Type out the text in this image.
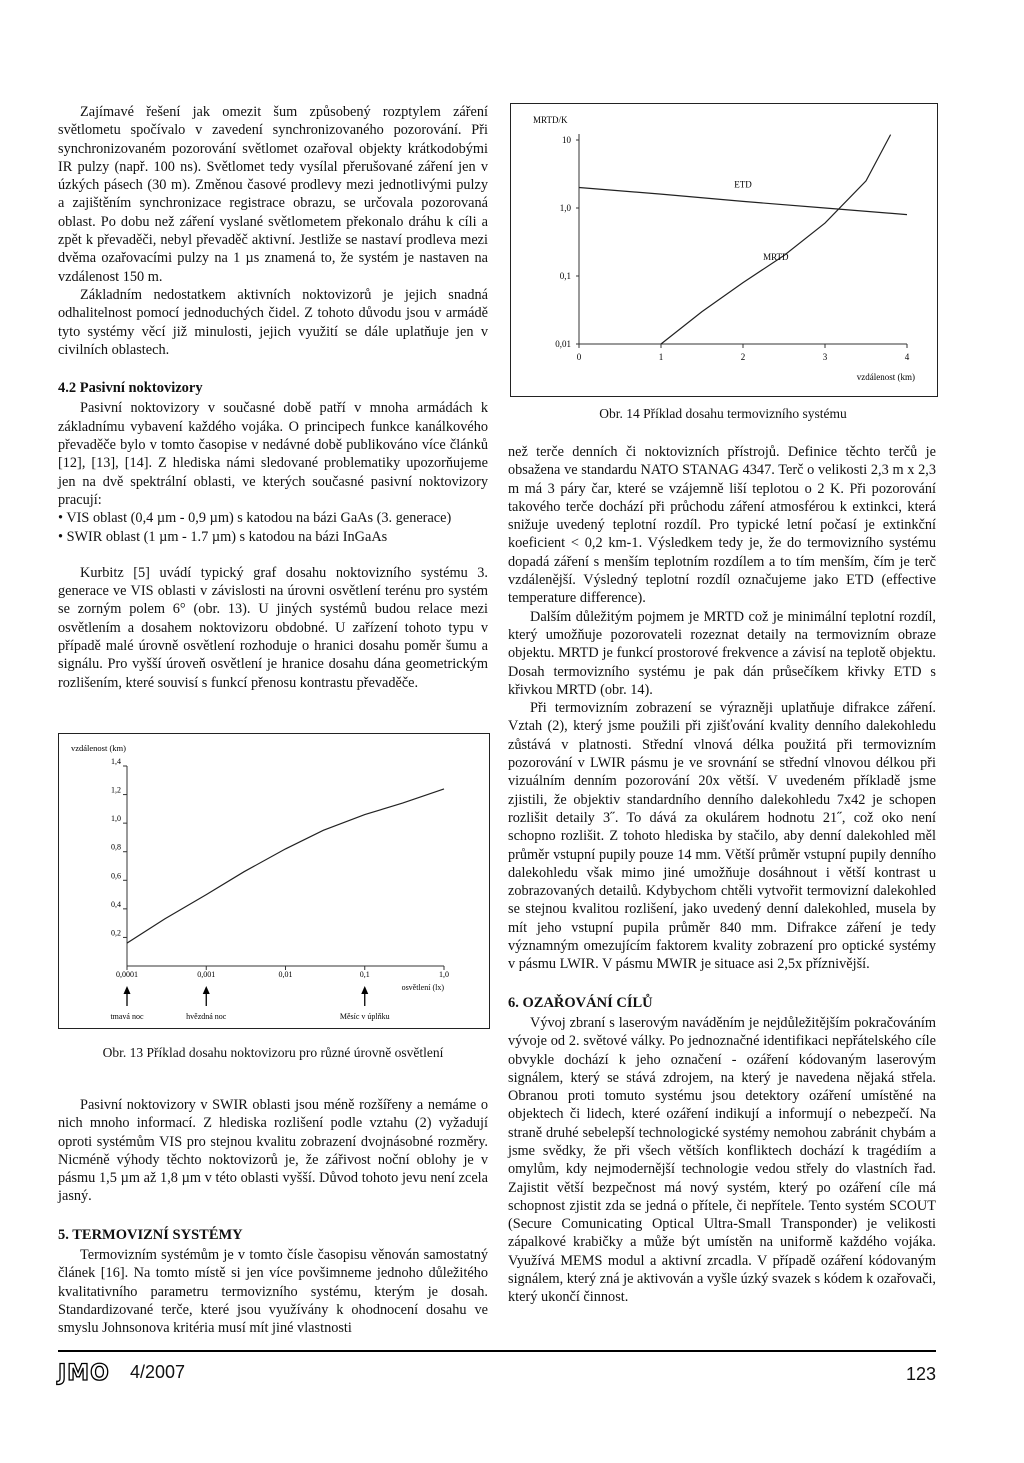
Zajímavé řešení jak omezit šum způsobený rozptylem záření světlometu spočívalo v zavedení synchronizovaného pozorování. Při synchronizovaném pozorování světlomet ozařoval objekty krátkodobými IR pulzy (např. 100 ns). Světlomet tedy vysílal přerušované záření jen v úzkých pásech (30 m). Změnou časové prodlevy mezi jednotlivými pulzy a zajištěním synchronizace registrace obrazu, se určovala pozorovaná oblast. Po dobu než záření vyslané světlometem překonalo dráhu k cíli a zpět k převaděči, nebyl převaděč aktivní. Jestliže se nastaví prodleva mezi dvěma ozařovacími pulzy na 1 µs znamená to, že systém je nastaven na vzdálenost 150 m.

Základním nedostatkem aktivních noktovizorů je jejich snadná odhalitelnost pomocí jednoduchých čidel. Z tohoto důvodu jsou v armádě tyto systémy věcí již minulosti, jejich využití se dále uplatňuje jen v civilních oblastech.

4.2 Pasivní noktovizory

Pasivní noktovizory v současné době patří v mnoha armádách k základnímu vybavení každého vojáka. O principech funkce kanálkového převaděče bylo v tomto časopise v nedávné době publikováno více článků [12], [13], [14]. Z hlediska námi sledované problematiky upozorňujeme jen na dvě spektrální oblasti, ve kterých současné pasivní noktovizory pracují:

• VIS oblast (0,4 µm - 0,9 µm) s katodou na bázi GaAs (3. generace)
• SWIR oblast (1 µm - 1.7 µm) s katodou na bázi InGaAs

Kurbitz [5] uvádí typický graf dosahu noktovizního systému 3. generace ve VIS oblasti v závislosti na úrovni osvětlení terénu pro systém se zorným polem 6° (obr. 13). U jiných systémů budou relace mezi osvětlením a dosahem noktovizoru obdobné. U zařízení tohoto typu v případě malé úrovně osvětlení rozhoduje o hranici dosahu poměr šumu a signálu. Pro vyšší úroveň osvětlení je hranice dosahu dána geometrickým rozlišením, které souvisí s funkcí přenosu kontrastu převaděče.

vzdálenost (km)
0,2
0,4
0,6
0,8
1,0
1,2
1,4
0,0001	0,001	0,01	0,1	1,0
osvětlení (lx)
tmavá noc	hvězdná noc	Měsíc v úplňku
Obr. 13 Příklad dosahu noktovizoru pro různé úrovně osvětlení

Pasivní noktovizory v SWIR oblasti jsou méně rozšířeny a nemáme o nich mnoho informací. Z hlediska rozlišení podle vztahu (2) vyžadují oproti systémům VIS pro stejnou kvalitu zobrazení dvojnásobné rozměry. Nicméně výhody těchto noktovizorů je, že zářivost noční oblohy je v pásmu 1,5 µm až 1,8 µm v této oblasti vyšší. Důvod tohoto jevu není zcela jasný.

5. TERMOVIZNÍ SYSTÉMY

Termovizním systémům je v tomto čísle časopisu věnován samostatný článek [16]. Na tomto místě si jen více povšimneme jednoho důležitého kvalitativního parametru termovizního systému, kterým je dosah. Standardizované terče, které jsou využívány k ohodnocení dosahu ve smyslu Johnsonova kritéria musí mít jiné vlastnosti

MRTD/K
0,01
0,1
1,0
10
0	1	2	3	4
vzdálenost (km)
ETD
MRTD
Obr. 14 Příklad dosahu termovizního systému

než terče denních či noktovizních přístrojů. Definice těchto terčů je obsažena ve standardu NATO STANAG 4347. Terč o velikosti 2,3 m x 2,3 m má 3 páry čar, které se vzájemně liší teplotou o 2 K. Při pozorování takového terče dochází při průchodu záření atmosférou k extinkci, která snižuje uvedený teplotní rozdíl. Pro typické letní počasí je extinkční koeficient < 0,2 km-1. Výsledkem tedy je, že do termovizního systému dopadá záření s menším teplotním rozdílem a to tím menším, čím je terč vzdálenější. Výsledný teplotní rozdíl označujeme jako ETD (effective temperature difference).

Dalším důležitým pojmem je MRTD což je minimální teplotní rozdíl, který umožňuje pozorovateli rozeznat detaily na termovizním obraze objektu. MRTD je funkcí prostorové frekvence a závisí na teplotě objektu. Dosah termovizního systému je pak dán průsečíkem křivky ETD s křivkou MRTD (obr. 14).

Při termovizním zobrazení se výrazněji uplatňuje difrakce záření. Vztah (2), který jsme použili při zjišťování kvality denního dalekohledu zůstává v platnosti. Střední vlnová délka použitá při termovizním pozorování v LWIR pásmu je ve srovnání se střední vlnovou délkou při vizuálním denním pozorování 20x větší. V uvedeném příkladě jsme zjistili, že objektiv standardního denního dalekohledu 7x42 je schopen rozlišit detaily 3˝. To dává za okulárem hodnotu 21˝, což oko není schopno rozlišit. Z tohoto hlediska by stačilo, aby denní dalekohled měl průměr vstupní pupily pouze 14 mm. Větší průměr vstupní pupily denního dalekohledu však mimo jiné umožňuje dosáhnout i větší kontrast u zobrazovaných detailů. Kdybychom chtěli vytvořit termovizní dalekohled se stejnou kvalitou rozlišení, jako uvedený denní dalekohled, musela by mít jeho vstupní pupila průměr 840 mm. Difrakce záření je tedy významným omezujícím faktorem kvality zobrazení pro optické systémy v pásmu LWIR. V pásmu MWIR je situace asi 2,5x příznivější.

6. OZAŘOVÁNÍ CÍLŮ

Vývoj zbraní s laserovým naváděním je nejdůležitějším pokračováním vývoje od 2. světové války. Po jednoznačné identifikaci nepřátelského cíle obvykle dochází k jeho označení - ozáření kódovaným laserovým signálem, který se stává zdrojem, na který je navedena nějaká střela. Obranou proti tomuto systému jsou detektory ozáření umístěné na objektech či lidech, které ozáření indikují a informují o nebezpečí. Na straně druhé sebelepší technologické systémy nemohou zabránit chybám a jsme svědky, že při všech větších konfliktech dochází k tragédiím a omylům, kdy nejmodernější technologie vedou střely do vlastních řad. Zajistit větší bezpečnost má nový systém, který po ozáření cíle má schopnost zjistit zda se jedná o přítele, či nepřítele. Tento systém SCOUT (Secure Comunicating Optical Ultra-Small Transponder) je velikosti zápalkové krabičky a může být umístěn na uniformě každého vojáka. Využívá MEMS modul a aktivní zrcadla. V případě ozáření kódovaným signálem, který zná je aktivován a vyšle úzký svazek s kódem k ozařovači, který ukončí činnost.

JMO 4/2007	123
